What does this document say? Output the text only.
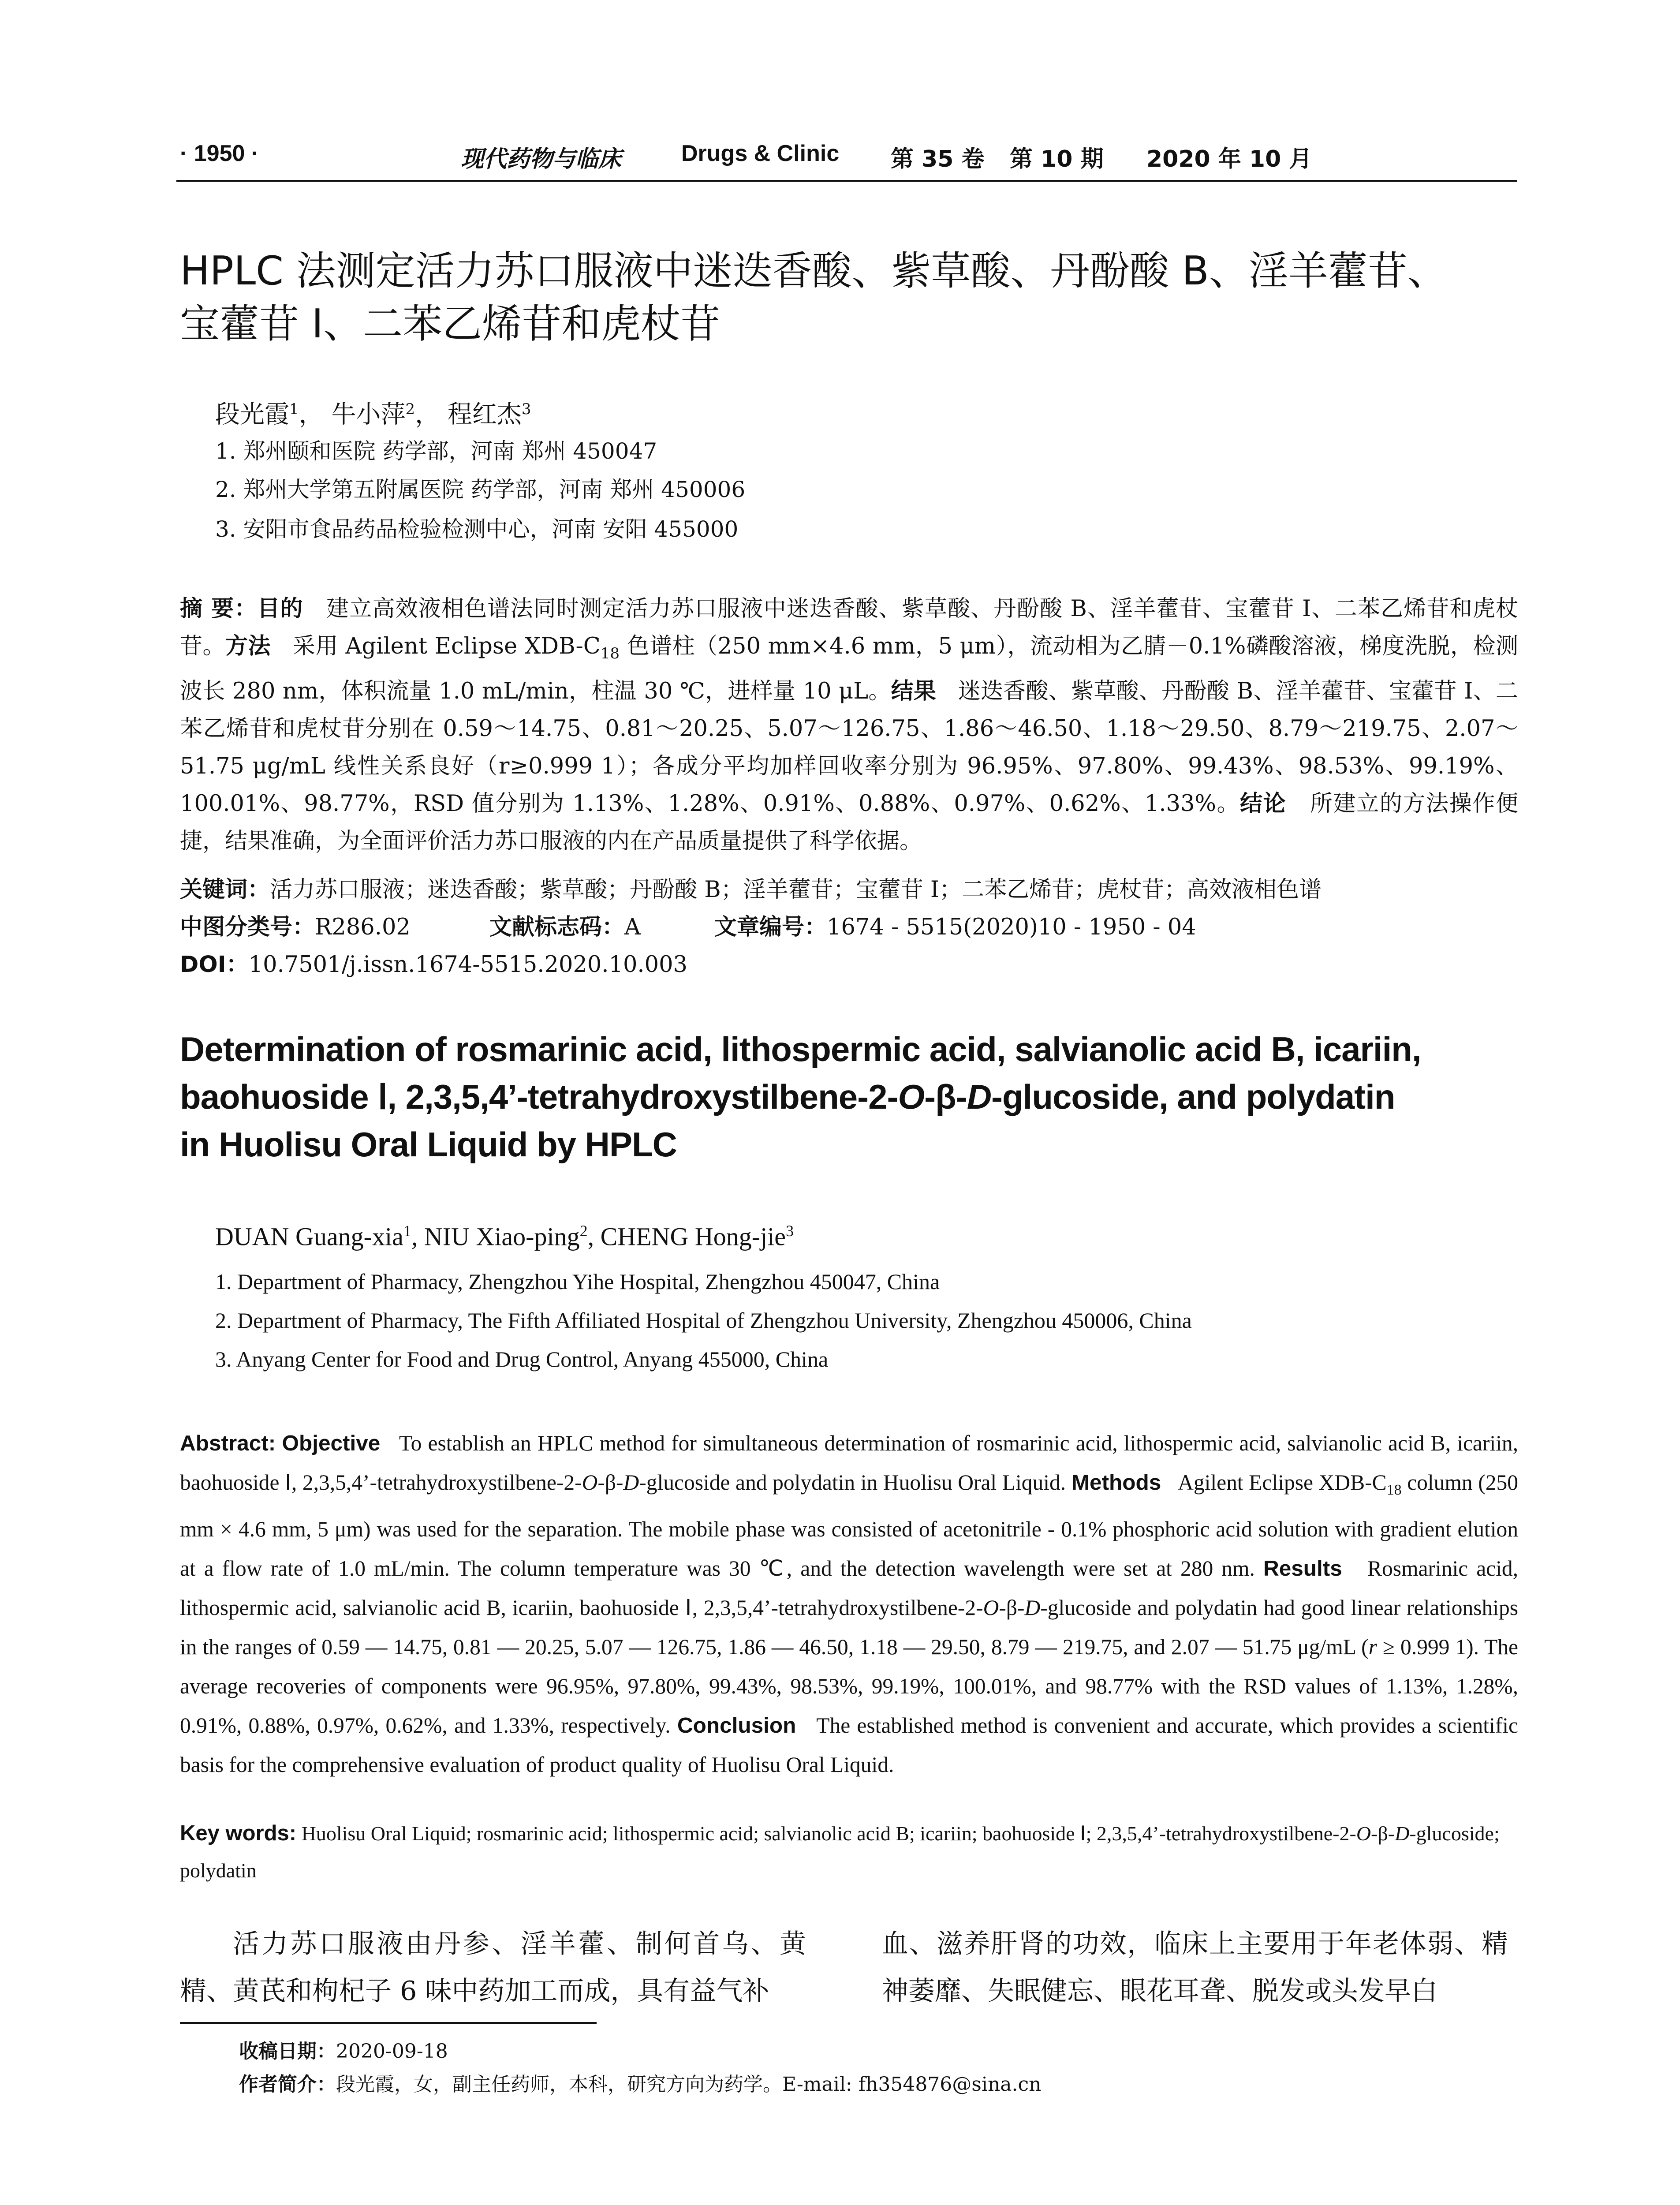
· 1950 ·	现代药物与临床	Drugs & Clinic 第 35 卷 第 10 期 2020 年 10 月
HPLC 法测定活力苏口服液中迷迭香酸、紫草酸、丹酚酸 B、淫羊藿苷、
宝藿苷 I、二苯乙烯苷和虎杖苷
段光霞$^1$， 牛小萍$^2$， 程红杰$^3$
1. 郑州颐和医院 药学部，河南 郑州 450047
2. 郑州大学第五附属医院 药学部，河南 郑州 450006
3. 安阳市食品药品检验检测中心，河南 安阳 455000
摘 要：目的 建立高效液相色谱法同时测定活力苏口服液中迷迭香酸、紫草酸、丹酚酸 B、淫羊藿苷、宝藿苷 I、二苯乙烯苷和虎杖苷。方法 采用 Agilent Eclipse XDB-$C_{18}$ 色谱柱（250 mm×4.6 mm，5 μm），流动相为乙腈－0.1%磷酸溶液，梯度洗脱，检测波长 280 nm，体积流量 1.0 mL/min，柱温 30 ℃，进样量 10 μL。结果 迷迭香酸、紫草酸、丹酚酸 B、淫羊藿苷、宝藿苷 I、二苯乙烯苷和虎杖苷分别在 0.59～14.75、0.81～20.25、5.07～126.75、1.86～46.50、1.18～29.50、8.79～219.75、2.07～51.75 μg/mL 线性关系良好（r≥0.999 1）；各成分平均加样回收率分别为 96.95%、97.80%、99.43%、98.53%、99.19%、100.01%、98.77%，RSD 值分别为 1.13%、1.28%、0.91%、0.88%、0.97%、0.62%、1.33%。结论 所建立的方法操作便捷，结果准确，为全面评价活力苏口服液的内在产品质量提供了科学依据。
关键词：活力苏口服液；迷迭香酸；紫草酸；丹酚酸 B；淫羊藿苷；宝藿苷 I；二苯乙烯苷；虎杖苷；高效液相色谱
中图分类号：R286.02	文献标志码：A	文章编号：1674 - 5515(2020)10 - 1950 - 04
DOI：10.7501/j.issn.1674-5515.2020.10.003
Determination of rosmarinic acid, lithospermic acid, salvianolic acid B, icariin,
baohuoside Ⅰ, 2,3,5,4’-tetrahydroxystilbene-2-O-β-D-glucoside, and polydatin
in Huolisu Oral Liquid by HPLC
DUAN Guang-xia$^1$, NIU Xiao-ping$^2$, CHENG Hong-jie$^3$
1. Department of Pharmacy, Zhengzhou Yihe Hospital, Zhengzhou 450047, China
2. Department of Pharmacy, The Fifth Affiliated Hospital of Zhengzhou University, Zhengzhou 450006, China
3. Anyang Center for Food and Drug Control, Anyang 455000, China
Abstract: Objective To establish an HPLC method for simultaneous determination of rosmarinic acid, lithospermic acid, salvianolic acid B, icariin, baohuoside Ⅰ, 2,3,5,4’-tetrahydroxystilbene-2-O-β-D-glucoside and polydatin in Huolisu Oral Liquid. Methods Agilent Eclipse XDB-$C_{18}$ column (250 mm × 4.6 mm, 5 μm) was used for the separation. The mobile phase was consisted of acetonitrile - 0.1% phosphoric acid solution with gradient elution at a flow rate of 1.0 mL/min. The column temperature was 30 ℃, and the detection wavelength were set at 280 nm. Results Rosmarinic acid, lithospermic acid, salvianolic acid B, icariin, baohuoside Ⅰ, 2,3,5,4’-tetrahydroxystilbene-2-O-β-D-glucoside and polydatin had good linear relationships in the ranges of 0.59 — 14.75, 0.81 — 20.25, 5.07 — 126.75, 1.86 — 46.50, 1.18 — 29.50, 8.79 — 219.75, and 2.07 — 51.75 μg/mL (r ≥ 0.999 1). The average recoveries of components were 96.95%, 97.80%, 99.43%, 98.53%, 99.19%, 100.01%, and 98.77% with the RSD values of 1.13%, 1.28%, 0.91%, 0.88%, 0.97%, 0.62%, and 1.33%, respectively. Conclusion The established method is convenient and accurate, which provides a scientific basis for the comprehensive evaluation of product quality of Huolisu Oral Liquid.
Key words: Huolisu Oral Liquid; rosmarinic acid; lithospermic acid; salvianolic acid B; icariin; baohuoside Ⅰ; 2,3,5,4’-tetrahydroxystilbene-2-O-β-D-glucoside; polydatin
活力苏口服液由丹参、淫羊藿、制何首乌、黄精、黄芪和枸杞子 6 味中药加工而成，具有益气补
血、滋养肝肾的功效，临床上主要用于年老体弱、精神萎靡、失眠健忘、眼花耳聋、脱发或头发早白
收稿日期：2020-09-18
作者简介：段光霞，女，副主任药师，本科，研究方向为药学。E-mail: fh354876@sina.cn
